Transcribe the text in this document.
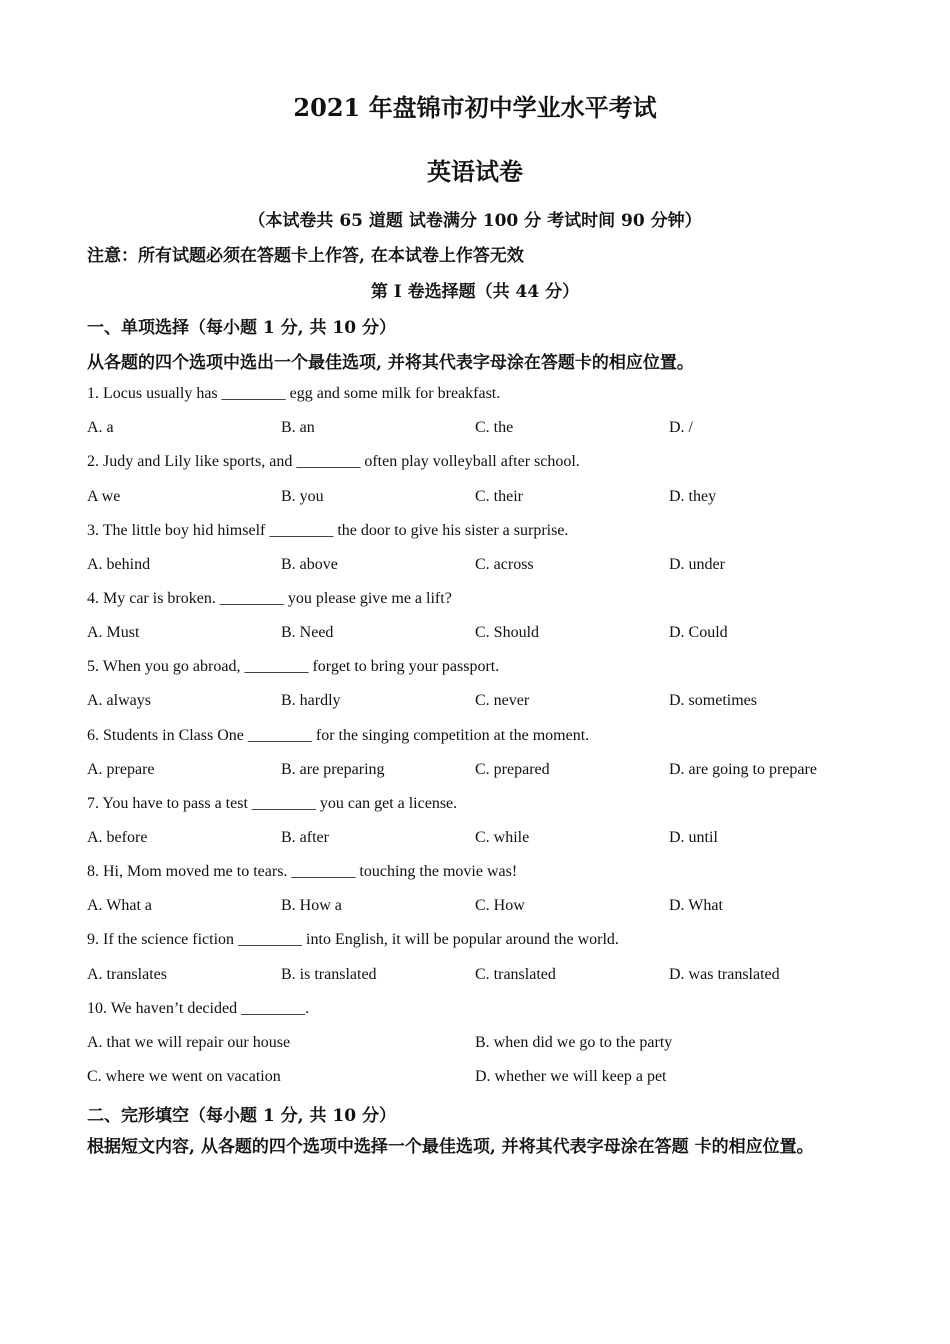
2021 年盘锦市初中学业水平考试
英语试卷
（本试卷共 65 道题 试卷满分 100 分 考试时间 90 分钟）
注意：所有试题必须在答题卡上作答, 在本试卷上作答无效
第 I 卷选择题（共 44 分）
一、单项选择（每小题 1 分, 共 10 分）
从各题的四个选项中选出一个最佳选项, 并将其代表字母涂在答题卡的相应位置。
1. Locus usually has ________ egg and some milk for breakfast.
A. a	B. an	C. the	D. /
2. Judy and Lily like sports, and ________ often play volleyball after school.
A we	B. you	C. their	D. they
3. The little boy hid himself ________ the door to give his sister a surprise.
A. behind	B. above	C. across	D. under
4. My car is broken. ________ you please give me a lift?
A. Must	B. Need	C. Should	D. Could
5. When you go abroad, ________ forget to bring your passport.
A. always	B. hardly	C. never	D. sometimes
6. Students in Class One ________ for the singing competition at the moment.
A. prepare	B. are preparing	C. prepared	D. are going to prepare
7. You have to pass a test ________ you can get a license.
A. before	B. after	C. while	D. until
8. Hi, Mom moved me to tears. ________ touching the movie was!
A. What a	B. How a	C. How	D. What
9. If the science fiction ________ into English, it will be popular around the world.
A. translates	B. is translated	C. translated	D. was translated
10. We haven’t decided ________.
A. that we will repair our house	B. when did we go to the party
C. where we went on vacation	D. whether we will keep a pet
二、完形填空（每小题 1 分, 共 10 分）
根据短文内容, 从各题的四个选项中选择一个最佳选项, 并将其代表字母涂在答题 卡的相应位置。
